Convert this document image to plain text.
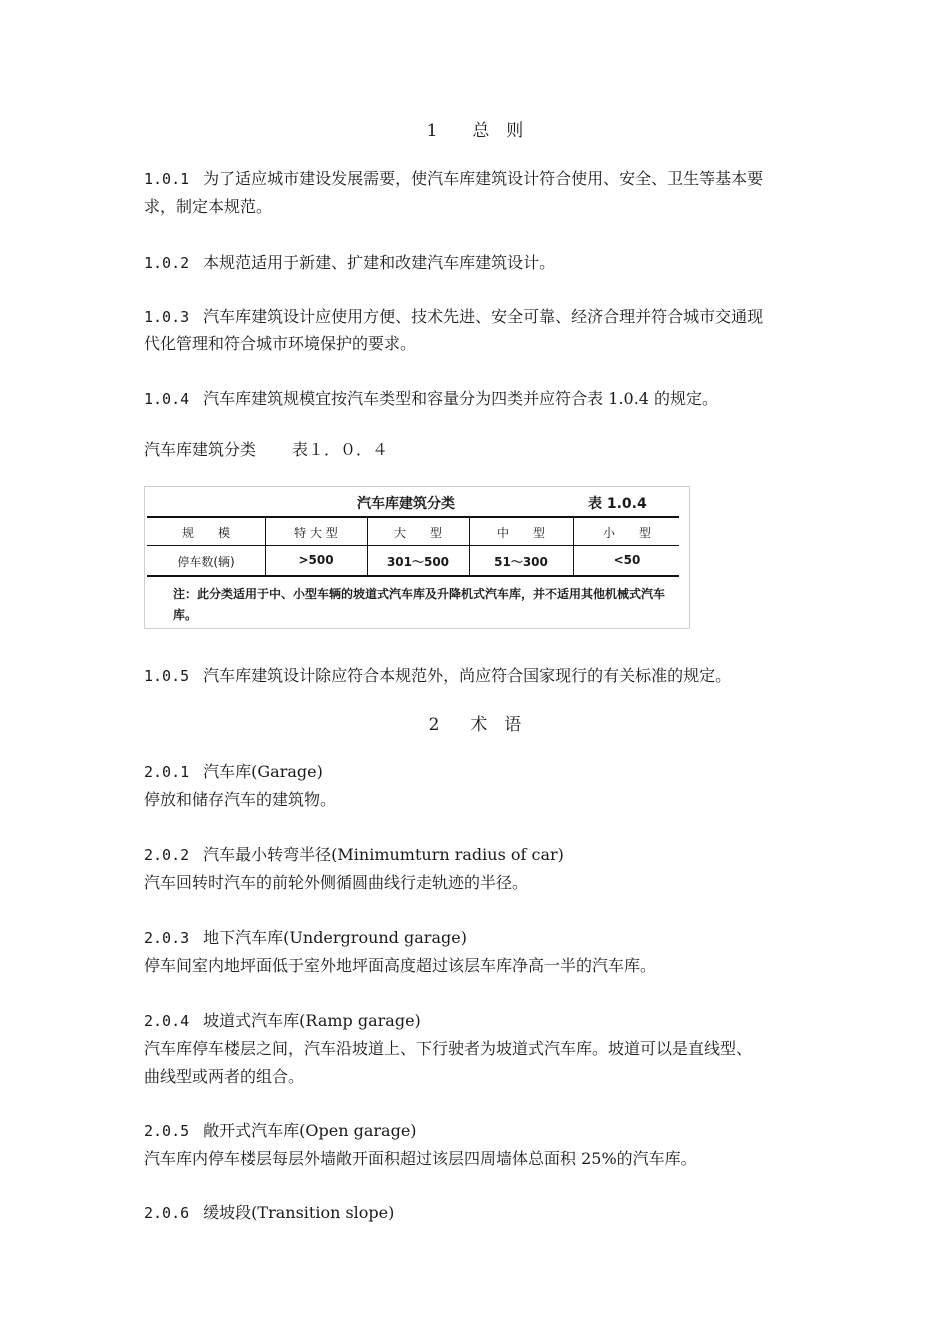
1 总　则
1.0.1 为了适应城市建设发展需要，使汽车库建筑设计符合使用、安全、卫生等基本要
求，制定本规范。
1.0.2 本规范适用于新建、扩建和改建汽车库建筑设计。
1.0.3 汽车库建筑设计应使用方便、技术先进、安全可靠、经济合理并符合城市交通现
代化管理和符合城市环境保护的要求。
1.0.4 汽车库建筑规模宜按汽车类型和容量分为四类并应符合表 1.0.4 的规定。
汽车库建筑分类 表１．０．４
汽车库建筑分类	表 1.0.4
规　　模	特 大 型	大　　型	中　　型	小　　型
停车数(辆)	>500	301～500	51～300	<50
注：此分类适用于中、小型车辆的坡道式汽车库及升降机式汽车库，并不适用其他机械式汽车库。
1.0.5 汽车库建筑设计除应符合本规范外，尚应符合国家现行的有关标准的规定。
2 术　语
2.0.1 汽车库(Garage)
停放和储存汽车的建筑物。
2.0.2 汽车最小转弯半径(Minimumturn radius of car)
汽车回转时汽车的前轮外侧循圆曲线行走轨迹的半径。
2.0.3 地下汽车库(Underground garage)
停车间室内地坪面低于室外地坪面高度超过该层车库净高一半的汽车库。
2.0.4 坡道式汽车库(Ramp garage)
汽车库停车楼层之间，汽车沿坡道上、下行驶者为坡道式汽车库。坡道可以是直线型、
曲线型或两者的组合。
2.0.5 敞开式汽车库(Open garage)
汽车库内停车楼层每层外墙敞开面积超过该层四周墙体总面积 25%的汽车库。
2.0.6 缓坡段(Transition slope)
